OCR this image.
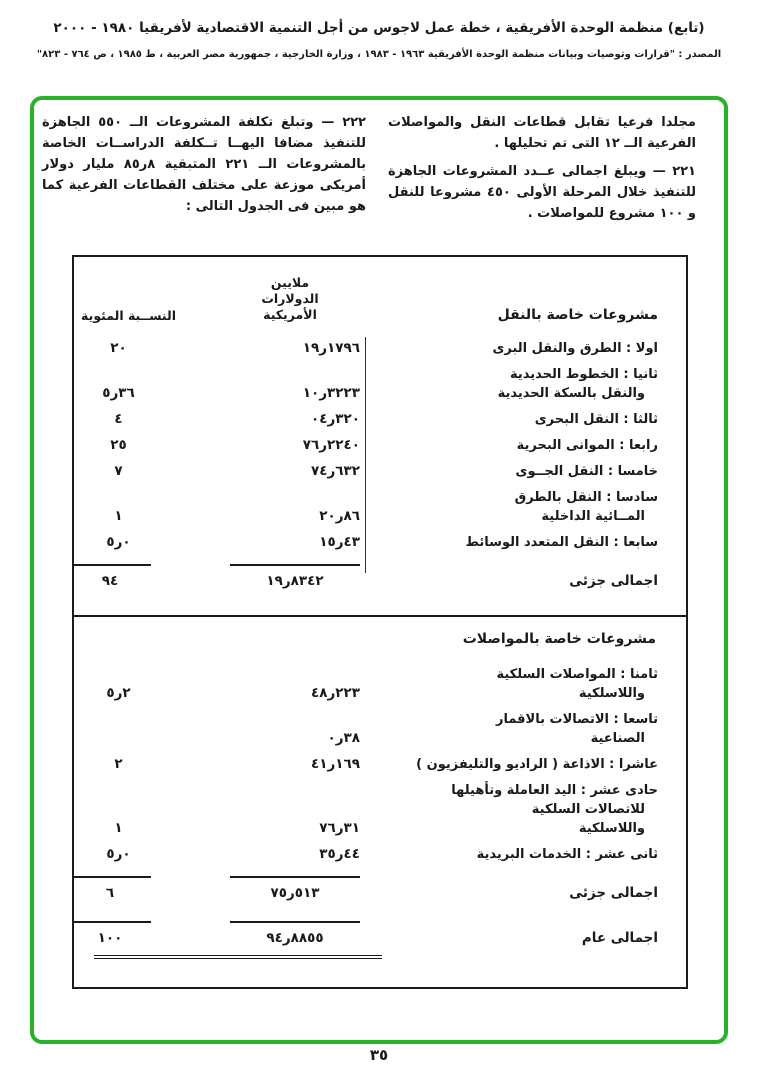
(تابع) منظمة الوحدة الأفريقية ، خطة عمل لاجوس من أجل التنمية الاقتصادية لأفريقيا ١٩٨٠ - ٢٠٠٠
المصدر : "قرارات وتوصيات وبيانات منظمة الوحدة الأفريقية ١٩٦٣ - ١٩٨٣ ، وزارة الخارجية ، جمهورية مصر العربية ، ط ١٩٨٥ ، ص ٧٦٤ - ٨٢٣"

مجلدا فرعيا تقابل قطاعات النقل والمواصلات الفرعية الــ ١٢ التى تم تحليلها .

٢٢١ — ويبلغ اجمالى عــدد المشروعات الجاهزة للتنفيذ خلال المرحلة الأولى ٤٥٠ مشروعا للنقل و ١٠٠ مشروع للمواصلات .

٢٢٢ — وتبلغ تكلفة المشروعات الــ ٥٥٠ الجاهزة للتنفيذ مضافا اليهــا تــكلفة الدراســات الخاصة بالمشروعات الــ ٢٢١ المتبقية ٨ر٨٥ مليار دولار أمريكى موزعة على مختلف القطاعات الفرعية كما هو مبين فى الجدول التالى :

مشروعات خاصة بالنقل
ملايين
الدولارات
الأمريكية
النســبة المئوية
اولا : الطرق والنقل البرى
١٩ر١٧٩٦
٢٠
ثانيا : الخطوط الحديدية
والنقل بالسكة الحديدية
١٠ر٣٢٢٣
٥ر٣٦
ثالثا : النقل البحرى
٠٤ر٣٢٠
٤
رابعا : الموانى البحرية
٧٦ر٢٢٤٠
٢٥
خامسا : النقل الجــوى
٧٤ر٦٣٢
٧
سادسا : النقل بالطرق
المــائية الداخلية
٢٠ر٨٦
١
سابعا : النقل المتعدد الوسائط
١٥ر٤٣
٥ر٠
اجمالى جزئى
١٩ر٨٣٤٢
٩٤
مشروعات خاصة بالمواصلات
ثامنا : المواصلات السلكية
واللاسلكية
٤٨ر٢٢٣
٥ر٢
تاسعا : الاتصالات بالاقمار
الصناعية
٠ر٣٨
عاشرا : الاذاعة ( الراديو والتليفزيون )
٤١ر١٦٩
٢
حادى عشر : اليد العاملة وتأهيلها
للاتصالات السلكية
واللاسلكية
٧٦ر٣١
١
ثانى عشر : الخدمات البريدية
٣٥ر٤٤
٥ر٠
اجمالى جزئى
٧٥ر٥١٣
٦
اجمالى عام
٩٤ر٨٨٥٥
١٠٠
٣٥
